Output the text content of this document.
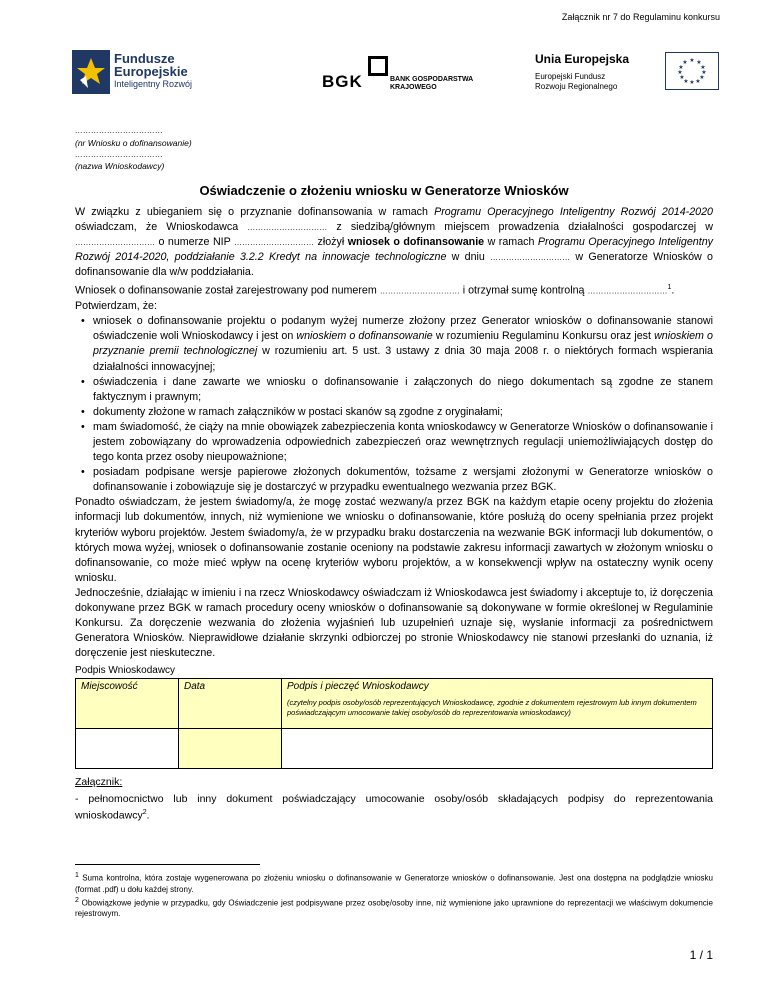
Załącznik nr 7 do Regulaminu konkursu
Fundusze
Europejskie
Inteligentny Rozwój	BGK	BANK GOSPODARSTWA
KRAJOWEGO
Unia Europejska
Europejski Fundusz
Rozwoju Regionalnego
★ ★
★
★
★
★
★
★
★
★
★
★
……………………………
(nr Wniosku o dofinansowanie)
……………………………
(nazwa Wnioskodawcy)
Oświadczenie o złożeniu wniosku w Generatorze Wniosków

W związku z ubieganiem się o przyznanie dofinansowania w ramach Programu Operacyjnego Inteligentny Rozwój 2014-2020 oświadczam, że Wnioskodawca ………………………… z siedzibą/głównym miejscem prowadzenia działalności gospodarczej w ………………………… o numerze NIP ………………………… złożył wniosek o dofinansowanie w ramach Programu Operacyjnego Inteligentny Rozwój 2014-2020, poddziałanie 3.2.2 Kredyt na innowacje technologiczne w dniu ………………………… w Generatorze Wniosków o dofinansowanie dla w/w poddziałania.

Wniosek o dofinansowanie został zarejestrowany pod numerem ………………………… i otrzymał sumę kontrolną …………………………$^1$.

Potwierdzam, że:

• wniosek o dofinansowanie projektu o podanym wyżej numerze złożony przez Generator wniosków o dofinansowanie stanowi oświadczenie woli Wnioskodawcy i jest on wnioskiem o dofinansowanie w rozumieniu Regulaminu Konkursu oraz jest wnioskiem o przyznanie premii technologicznej w rozumieniu art. 5 ust. 3 ustawy z dnia 30 maja 2008 r. o niektórych formach wspierania działalności innowacyjnej;
• oświadczenia i dane zawarte we wniosku o dofinansowanie i załączonych do niego dokumentach są zgodne ze stanem faktycznym i prawnym;
• dokumenty złożone w ramach załączników w postaci skanów są zgodne z oryginałami;
• mam świadomość, że ciąży na mnie obowiązek zabezpieczenia konta wnioskodawcy w Generatorze Wniosków o dofinansowanie i jestem zobowiązany do wprowadzenia odpowiednich zabezpieczeń oraz wewnętrznych regulacji uniemożliwiających dostęp do tego konta przez osoby nieupoważnione;
• posiadam podpisane wersje papierowe złożonych dokumentów, tożsame z wersjami złożonymi w Generatorze wniosków o dofinansowanie i zobowiązuje się je dostarczyć w przypadku ewentualnego wezwania przez BGK.

Ponadto oświadczam, że jestem świadomy/a, że mogę zostać wezwany/a przez BGK na każdym etapie oceny projektu do złożenia informacji lub dokumentów, innych, niż wymienione we wniosku o dofinansowanie, które posłużą do oceny spełniania przez projekt kryteriów wyboru projektów. Jestem świadomy/a, że w przypadku braku dostarczenia na wezwanie BGK informacji lub dokumentów, o których mowa wyżej, wniosek o dofinansowanie zostanie oceniony na podstawie zakresu informacji zawartych w złożonym wniosku o dofinansowanie, co może mieć wpływ na ocenę kryteriów wyboru projektów, a w konsekwencji wpływ na ostateczny wynik oceny wniosku.

Jednocześnie, działając w imieniu i na rzecz Wnioskodawcy oświadczam iż Wnioskodawca jest świadomy i akceptuje to, iż doręczenia dokonywane przez BGK w ramach procedury oceny wniosków o dofinansowanie są dokonywane w formie określonej w Regulaminie Konkursu. Za doręczenie wezwania do złożenia wyjaśnień lub uzupełnień uznaje się, wysłanie informacji za pośrednictwem Generatora Wniosków. Nieprawidłowe działanie skrzynki odbiorczej po stronie Wnioskodawcy nie stanowi przesłanki do uznania, iż doręczenie jest nieskuteczne.

Podpis Wnioskodawcy
Miejscowość	Data	Podpis i pieczęć Wnioskodawcy
(czytelny podpis osoby/osób reprezentujących Wnioskodawcę, zgodnie z dokumentem rejestrowym lub innym dokumentem poświadczającym umocowanie takiej osoby/osób do reprezentowania wnioskodawcy)

Załącznik:
- pełnomocnictwo lub inny dokument poświadczający umocowanie osoby/osób składających podpisy do reprezentowania wnioskodawcy$^2$.
$^1$ Suma kontrolna, która zostaje wygenerowana po złożeniu wniosku o dofinansowanie w Generatorze wniosków o dofinansowanie. Jest ona dostępna na podglądzie wniosku (format .pdf) u dołu każdej strony.
$^2$ Obowiązkowe jedynie w przypadku, gdy Oświadczenie jest podpisywane przez osobę/osoby inne, niż wymienione jako uprawnione do reprezentacji we właściwym dokumencie rejestrowym.
1 / 1
